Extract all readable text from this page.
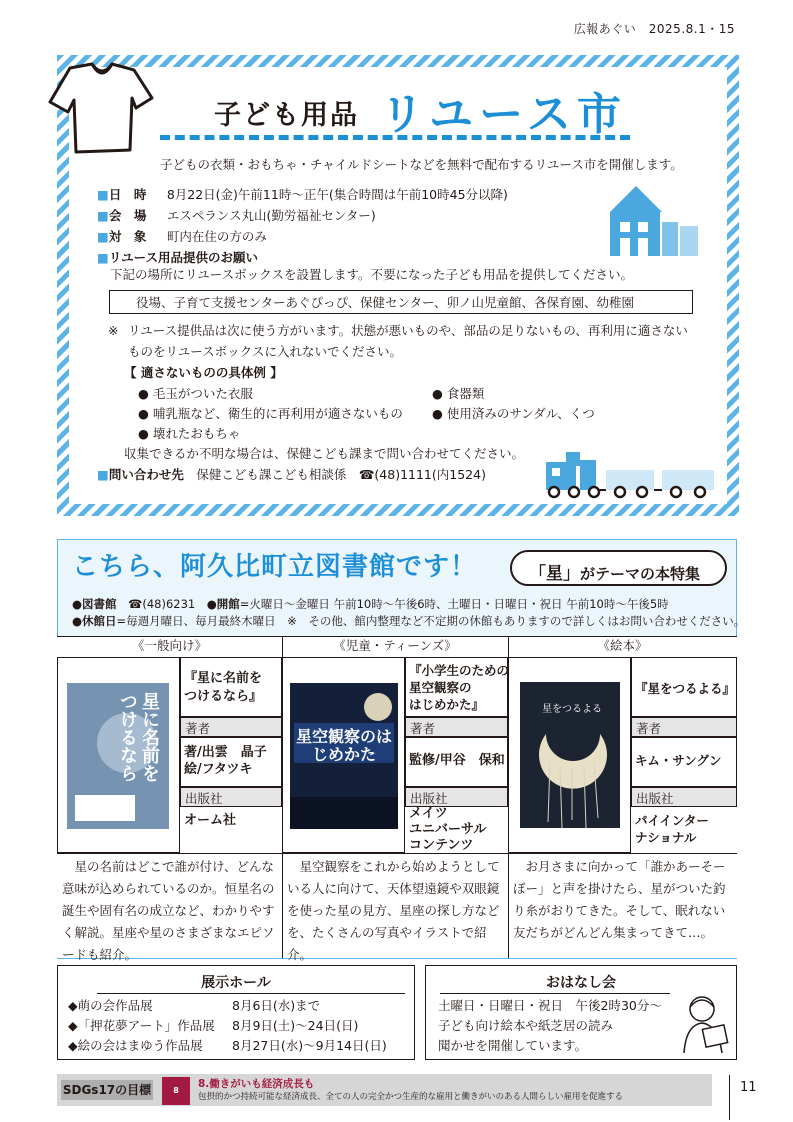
広報あぐい　2025.8.1・15
子ども用品 リユース市
子どもの衣類・おもちゃ・チャイルドシートなどを無料で配布するリユース市を開催します。
■日　時 8月22日(金)午前11時〜正午(集合時間は午前10時45分以降)
■会　場 エスペランス丸山(勤労福祉センター)
■対　象 町内在住の方のみ
■リユース用品提供のお願い
下記の場所にリユースボックスを設置します。不要になった子ども用品を提供してください。
役場、子育て支援センターあぐぴっぴ、保健センター、卯ノ山児童館、各保育園、幼稚園
※ リユース提供品は次に使う方がいます。状態が悪いものや、部品の足りないもの、再利用に適さない
ものをリユースボックスに入れないでください。
【 適さないものの具体例 】
● 毛玉がついた衣服	● 食器類
● 哺乳瓶など、衛生的に再利用が適さないもの ● 使用済みのサンダル、くつ
● 壊れたおもちゃ
収集できるか不明な場合は、保健こども課まで問い合わせてください。
■問い合わせ先　 保健こども課こども相談係　☎(48)1111(内1524)
こちら、阿久比町立図書館です！	「星」がテーマの本特集
●図書館　 ☎(48)6231　 ●開館=火曜日〜金曜日 午前10時〜午後6時、土曜日・日曜日・祝日 午前10時〜午後5時
●休館日=毎週月曜日、毎月最終木曜日　※　その他、館内整理など不定期の休館もありますので詳しくはお問い合わせください。
《一般向け》
星に名前をつけるなら
『星に名前を
つけるなら』
著者
著/出雲　晶子
絵/フタツキ
出版社
オーム社
星の名前はどこで誰が付け、どんな意味が込められているのか。恒星名の誕生や固有名の成立など、わかりやすく解説。星座や星のさまざまなエピソードも紹介。
《児童・ティーンズ》
星空観察のはじめかた
『小学生のための
星空観察の
はじめかた』
著者
監修/甲谷　保和
出版社
メイツ
ユニバーサル
コンテンツ
星空観察をこれから始めようとしている人に向けて、天体望遠鏡や双眼鏡を使った星の見方、星座の探し方などを、たくさんの写真やイラストで紹介。
《絵本》
星をつるよる
『星をつるよる』
著者
キム・サングン
出版社
パイインター
ナショナル
お月さまに向かって「誰かあーそーぼー」と声を掛けたら、星がついた釣り糸がおりてきた。そして、眠れない友だちがどんどん集まってきて…。
展示ホール
◆萌の会作品展	8月6日(水)まで
◆「押花夢アート」作品展 8月9日(土)〜24日(日)
◆絵の会はまゆう作品展 8月27日(水)〜9月14日(日)
おはなし会
土曜日・日曜日・祝日　午後2時30分〜
子ども向け絵本や紙芝居の読み
聞かせを開催しています。
SDGs17の目標	8
8.働きがいも経済成長も
包摂的かつ持続可能な経済成長、全ての人の完全かつ生産的な雇用と働きがいのある人間らしい雇用を促進する
11
